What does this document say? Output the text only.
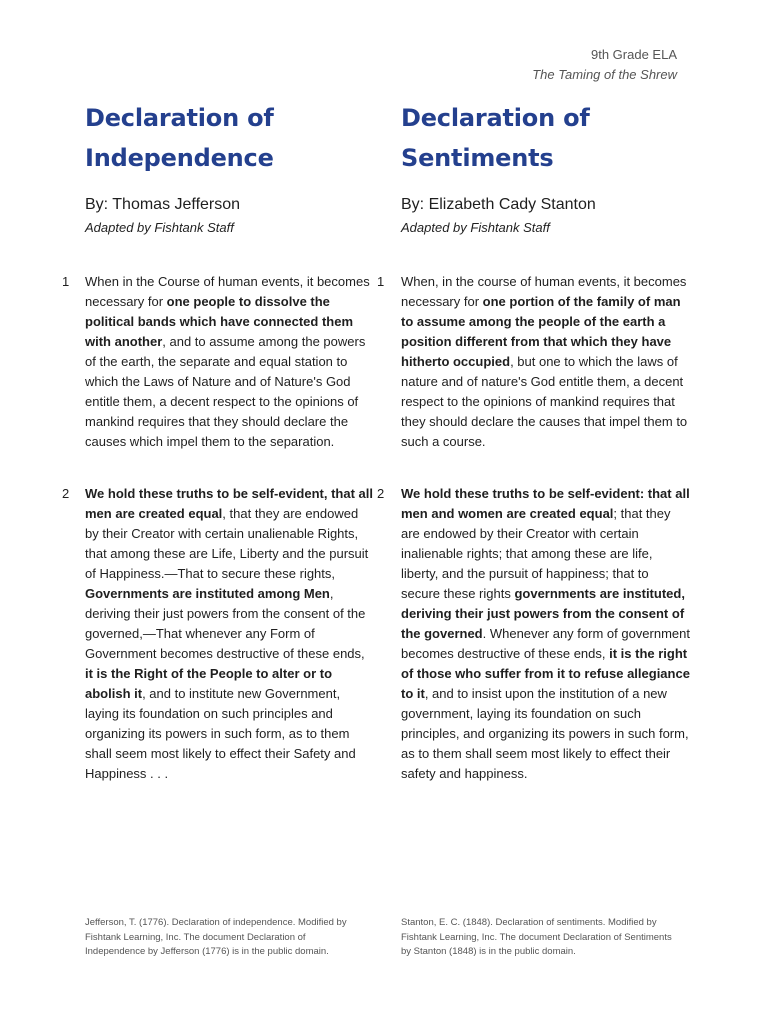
9th Grade ELA
The Taming of the Shrew
Declaration of
Independence
By: Thomas Jefferson
Adapted by Fishtank Staff
1 When in the Course of human events, it becomes necessary for one people to dissolve the political bands which have connected them with another, and to assume among the powers of the earth, the separate and equal station to which the Laws of Nature and of Nature's God entitle them, a decent respect to the opinions of mankind requires that they should declare the causes which impel them to the separation.
2 We hold these truths to be self-evident, that all men are created equal, that they are endowed by their Creator with certain unalienable Rights, that among these are Life, Liberty and the pursuit of Happiness.—That to secure these rights, Governments are instituted among Men, deriving their just powers from the consent of the governed,—That whenever any Form of Government becomes destructive of these ends, it is the Right of the People to alter or to abolish it, and to institute new Government, laying its foundation on such principles and organizing its powers in such form, as to them shall seem most likely to effect their Safety and Happiness . . .
Declaration of
Sentiments
By: Elizabeth Cady Stanton
Adapted by Fishtank Staff
1 When, in the course of human events, it becomes necessary for one portion of the family of man to assume among the people of the earth a position different from that which they have hitherto occupied, but one to which the laws of nature and of nature's God entitle them, a decent respect to the opinions of mankind requires that they should declare the causes that impel them to such a course.
2 We hold these truths to be self-evident: that all men and women are created equal; that they are endowed by their Creator with certain inalienable rights; that among these are life, liberty, and the pursuit of happiness; that to secure these rights governments are instituted, deriving their just powers from the consent of the governed. Whenever any form of government becomes destructive of these ends, it is the right of those who suffer from it to refuse allegiance to it, and to insist upon the institution of a new government, laying its foundation on such principles, and organizing its powers in such form, as to them shall seem most likely to effect their safety and happiness.
Jefferson, T. (1776). Declaration of independence. Modified by Fishtank Learning, Inc. The document Declaration of Independence by Jefferson (1776) is in the public domain.
Stanton, E. C. (1848). Declaration of sentiments. Modified by Fishtank Learning, Inc. The document Declaration of Sentiments by Stanton (1848) is in the public domain.
